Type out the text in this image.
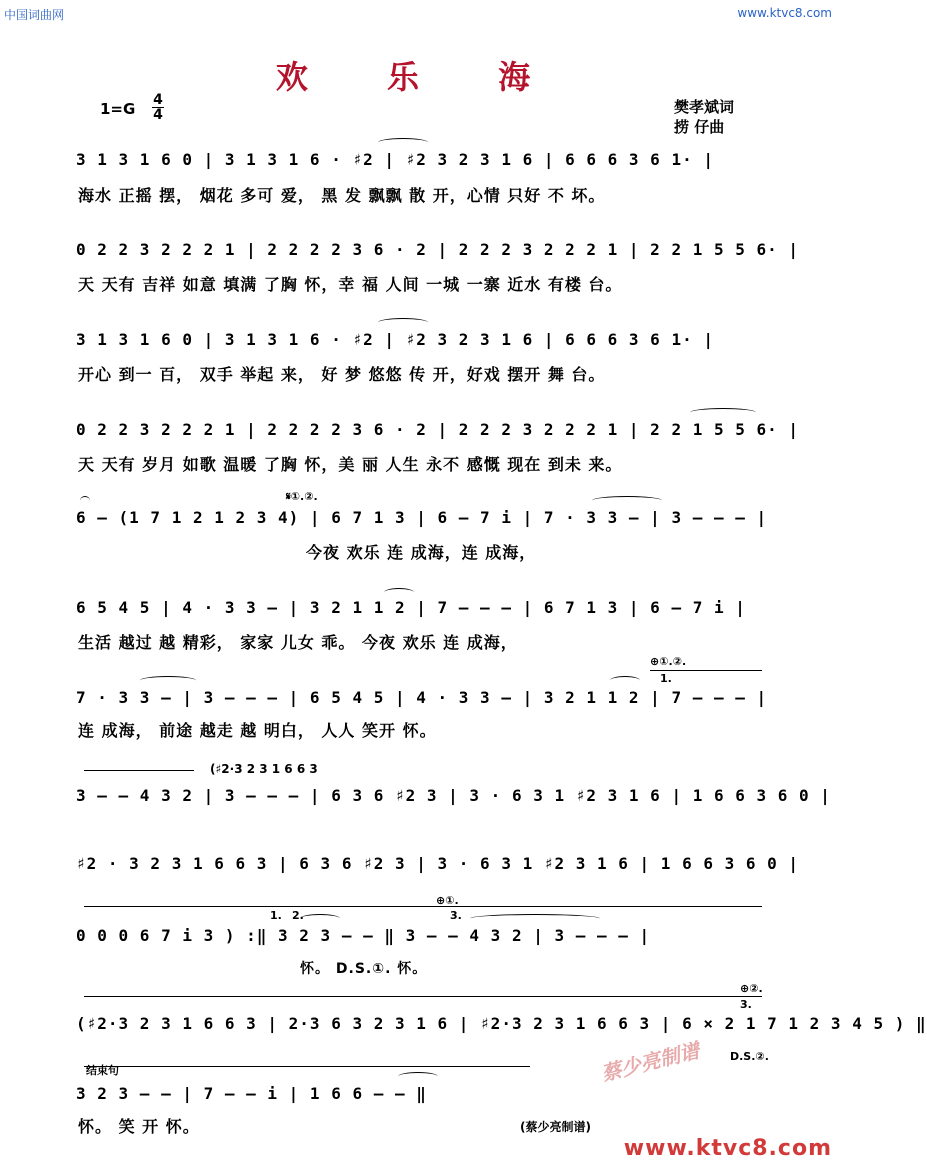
中国词曲网	www.ktvc8.com
欢 乐 海
1=G 4
4	樊孝斌词
捞 仔曲
3 1 3 1 6 0 | 3 1 3 1 6 · ♯2 | ♯2 3 2 3 1 6 | 6 6 6 3 6 1· |
海水 正摇 摆， 烟花 多可 爱， 黑 发 飘飘 散 开，心情 只好 不 坏。
0 2 2 3 2 2 2 1 | 2 2 2 2 3 6 · 2 | 2 2 2 3 2 2 2 1 | 2 2 1 5 5 6· |
天 天有 吉祥 如意 填满 了胸 怀，幸 福 人间 一城 一寨 近水 有楼 台。
3 1 3 1 6 0 | 3 1 3 1 6 · ♯2 | ♯2 3 2 3 1 6 | 6 6 6 3 6 1· |
开心 到一 百， 双手 举起 来， 好 梦 悠悠 传 开，好戏 摆开 舞 台。
0 2 2 3 2 2 2 1 | 2 2 2 2 3 6 · 2 | 2 2 2 3 2 2 2 1 | 2 2 1 5 5 6· |
天 天有 岁月 如歌 温暖 了胸 怀，美 丽 人生 永不 感慨 现在 到未 来。
𝄋①.②.
6 – (1 7 1 2 1 2 3 4) | 6 7 1 3 | 6 – 7 i | 7 · 3 3 – | 3 – – – |
今夜 欢乐 连 成海，连 成海，
6 5 4 5 | 4 · 3 3 – | 3 2 1 1 2 | 7 – – – | 6 7 1 3 | 6 – 7 i |
生活 越过 越 精彩， 家家 儿女 乖。 今夜 欢乐 连 成海，
⊕①.②.
1.
7 · 3 3 – | 3 – – – | 6 5 4 5 | 4 · 3 3 – | 3 2 1 1 2 | 7 – – – |
连 成海， 前途 越走 越 明白， 人人 笑开 怀。
(♯2·3 2 3 1 6 6 3
3 – – 4 3 2 | 3 – – – | 6 3 6 ♯2 3 | 3 · 6 3 1 ♯2 3 1 6 | 1 6 6 3 6 0 |
♯2 · 3 2 3 1 6 6 3 | 6 3 6 ♯2 3 | 3 · 6 3 1 ♯2 3 1 6 | 1 6 6 3 6 0 |
⊕①.
1. 2.	3.
0 0 0 6 7 i 3 ) :‖ 3 2 3 – – ‖ 3 – – 4 3 2 | 3 – – – |
怀。 D.S.①. 怀。
⊕②.
3.
(♯2·3 2 3 1 6 6 3 | 2·3 6 3 2 3 1 6 | ♯2·3 2 3 1 6 6 3 | 6 × 2 1 7 1 2 3 4 5 ) ‖
D.S.②.
结束句
3 2 3 – – | 7 – – i | 1 6 6 – – ‖
怀。 笑 开 怀。	(蔡少亮制谱)
蔡少亮制谱
www.ktvc8.com
